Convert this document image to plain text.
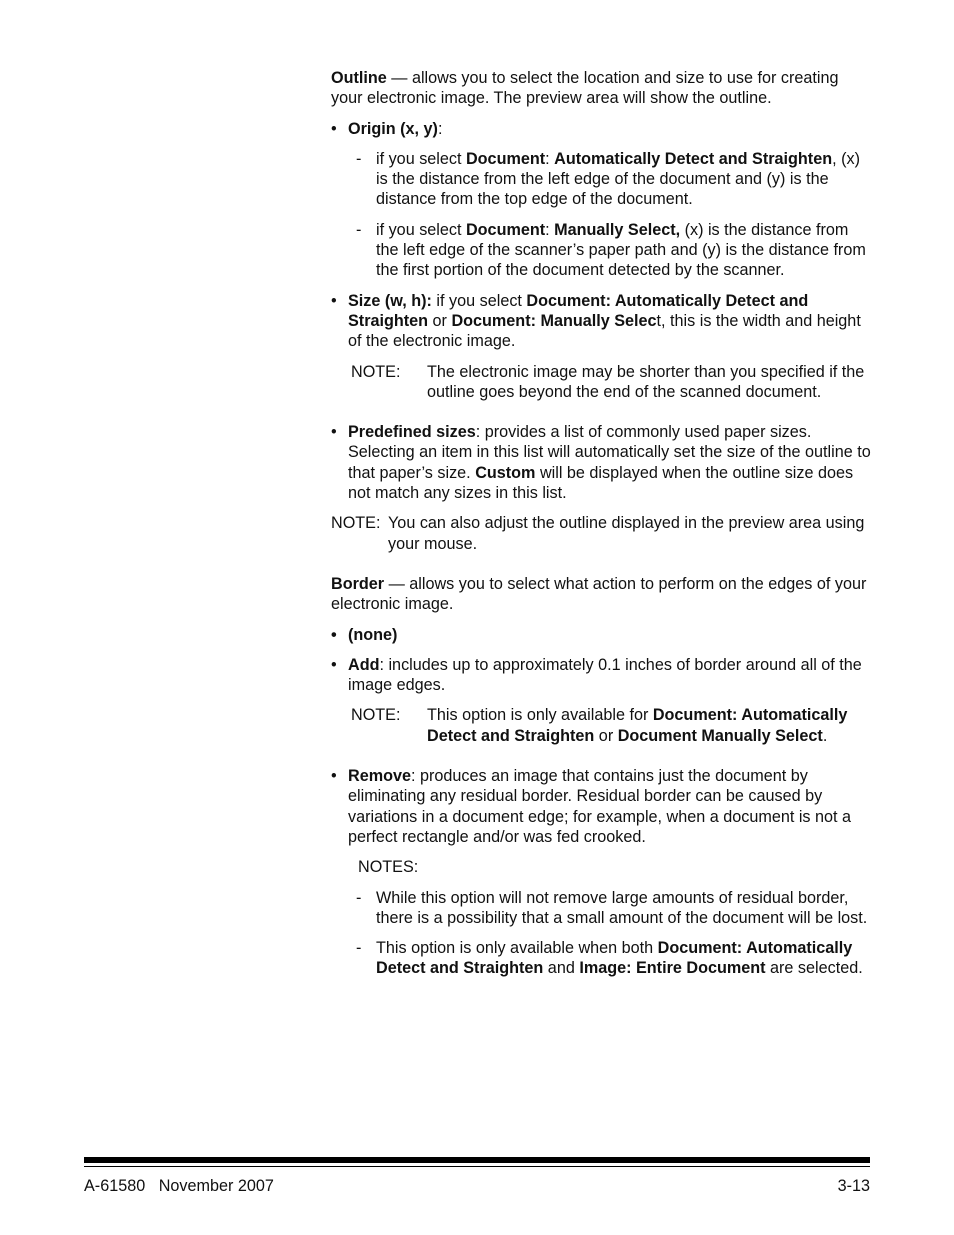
Outline — allows you to select the location and size to use for creating your electronic image. The preview area will show the outline.

• Origin (x, y):
- if you select Document: Automatically Detect and Straighten, (x) is the distance from the left edge of the document and (y) is the distance from the top edge of the document.
- if you select Document: Manually Select, (x) is the distance from the left edge of the scanner’s paper path and (y) is the distance from the first portion of the document detected by the scanner.
• Size (w, h): if you select Document: Automatically Detect and Straighten or Document: Manually Select, this is the width and height of the electronic image.
NOTE: The electronic image may be shorter than you specified if the outline goes beyond the end of the scanned document.
• Predefined sizes: provides a list of commonly used paper sizes. Selecting an item in this list will automatically set the size of the outline to that paper’s size. Custom will be displayed when the outline size does not match any sizes in this list.
NOTE: You can also adjust the outline displayed in the preview area using your mouse.

Border — allows you to select what action to perform on the edges of your electronic image.

• (none)
• Add: includes up to approximately 0.1 inches of border around all of the image edges.
NOTE: This option is only available for Document: Automatically Detect and Straighten or Document Manually Select.
• Remove: produces an image that contains just the document by eliminating any residual border. Residual border can be caused by variations in a document edge; for example, when a document is not a perfect rectangle and/or was fed crooked.

NOTES:

- While this option will not remove large amounts of residual border, there is a possibility that a small amount of the document will be lost.
- This option is only available when both Document: Automatically Detect and Straighten and Image: Entire Document are selected.
A-61580 November 2007	3-13
